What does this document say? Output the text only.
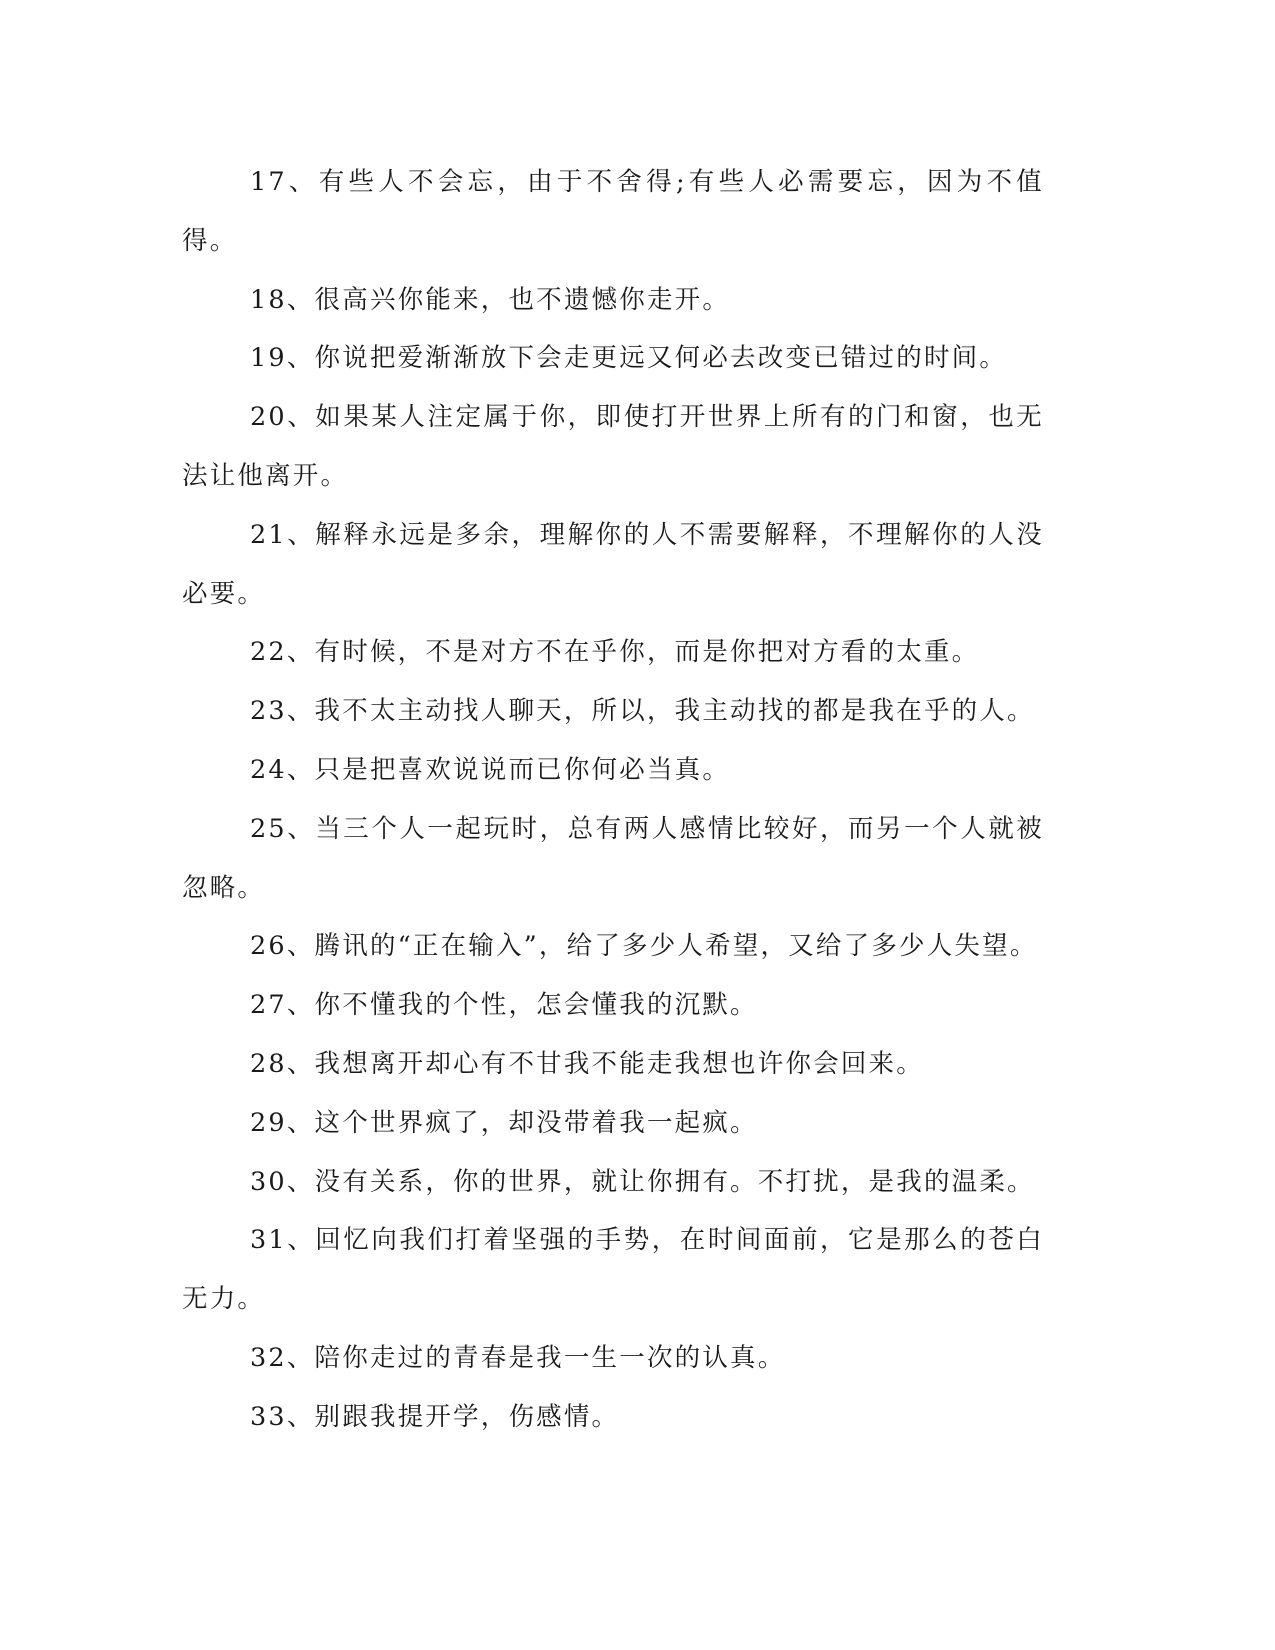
17、有些人不会忘，由于不舍得;有些人必需要忘，因为不值得。

18、很高兴你能来，也不遗憾你走开。

19、你说把爱渐渐放下会走更远又何必去改变已错过的时间。

20、如果某人注定属于你，即使打开世界上所有的门和窗，也无法让他离开。

21、解释永远是多余，理解你的人不需要解释，不理解你的人没必要。

22、有时候，不是对方不在乎你，而是你把对方看的太重。

23、我不太主动找人聊天，所以，我主动找的都是我在乎的人。

24、只是把喜欢说说而已你何必当真。

25、当三个人一起玩时，总有两人感情比较好，而另一个人就被忽略。

26、腾讯的“正在输入”，给了多少人希望，又给了多少人失望。

27、你不懂我的个性，怎会懂我的沉默。

28、我想离开却心有不甘我不能走我想也许你会回来。

29、这个世界疯了，却没带着我一起疯。

30、没有关系，你的世界，就让你拥有。不打扰，是我的温柔。

31、回忆向我们打着坚强的手势，在时间面前，它是那么的苍白无力。

32、陪你走过的青春是我一生一次的认真。

33、别跟我提开学，伤感情。
